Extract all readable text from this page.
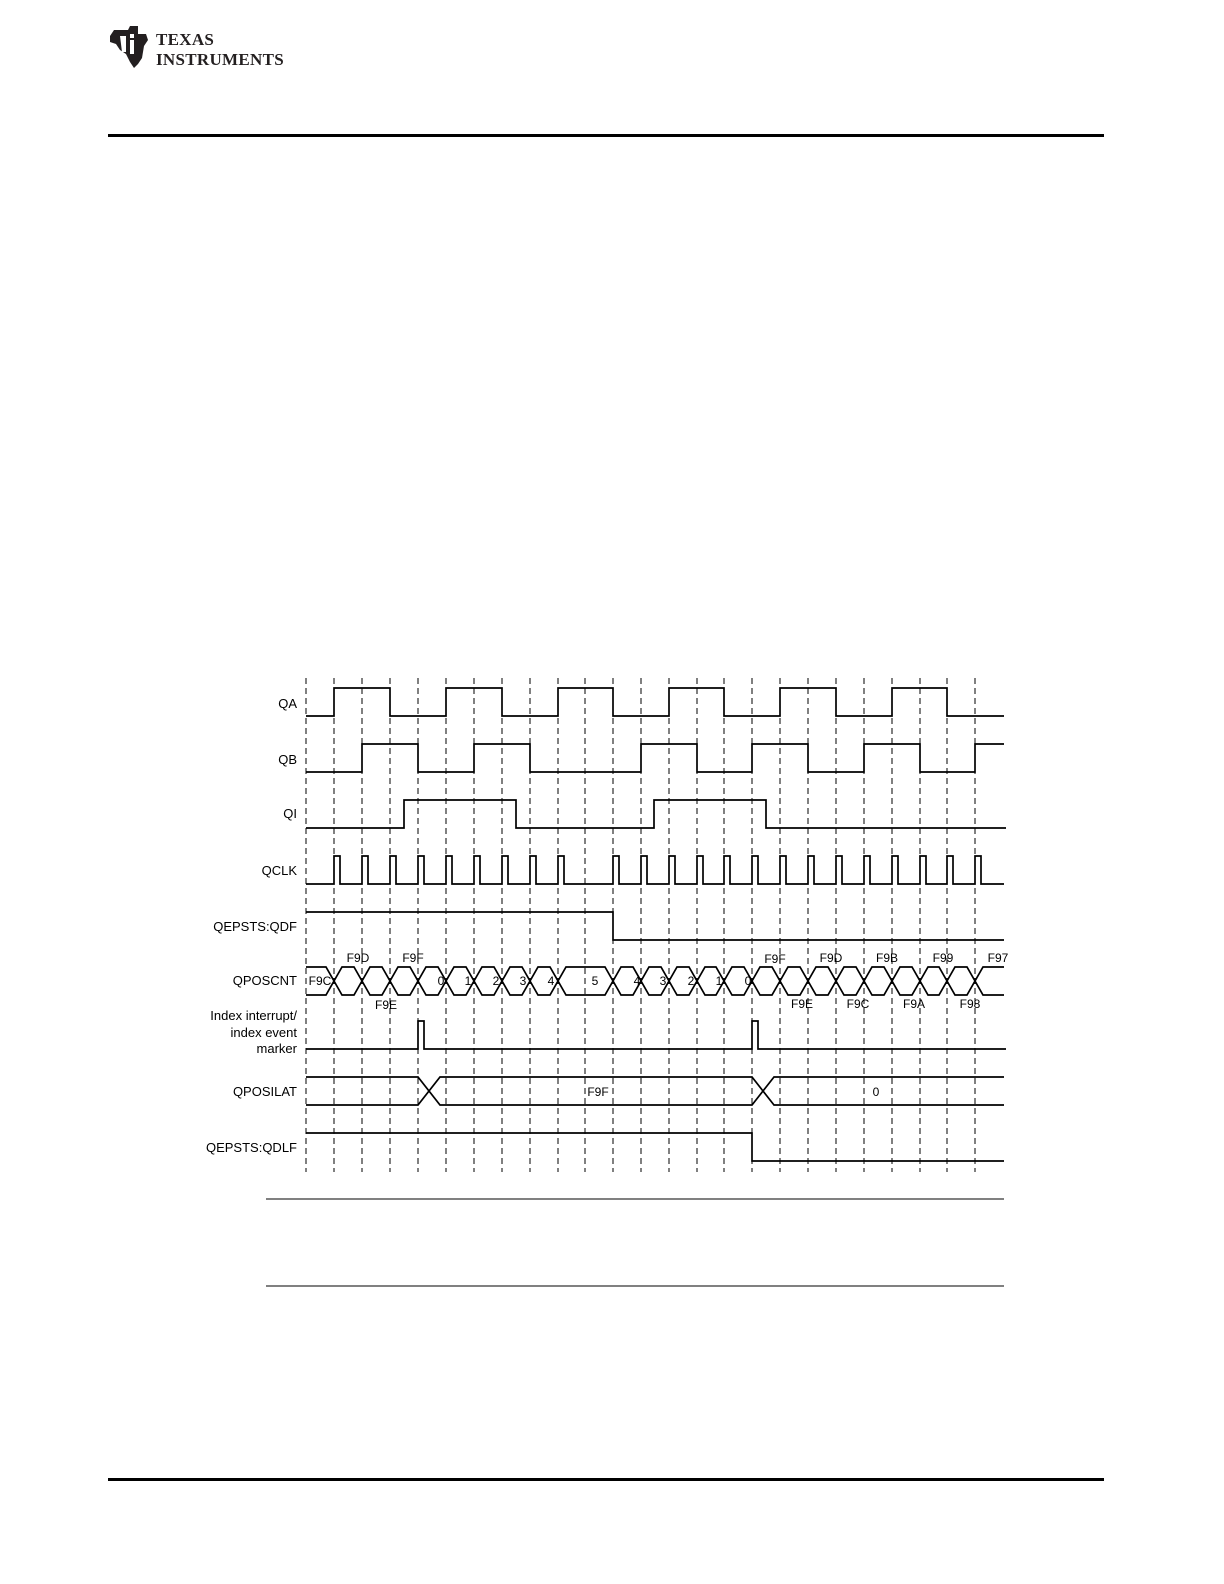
TEXAS
INSTRUMENTS
QA
QB
QI
QCLK
QEPSTS:QDF
QPOSCNT
Index interrupt/
index event
marker
QPOSILAT
QEPSTS:QDLF
F9D	F9F	F9F	F9D	F9B	F99	F97
F9E	F9E	F9C	F9A	F98
F9C	0 1 2 3 4	5	4 3 2 1 0
F9F	0
